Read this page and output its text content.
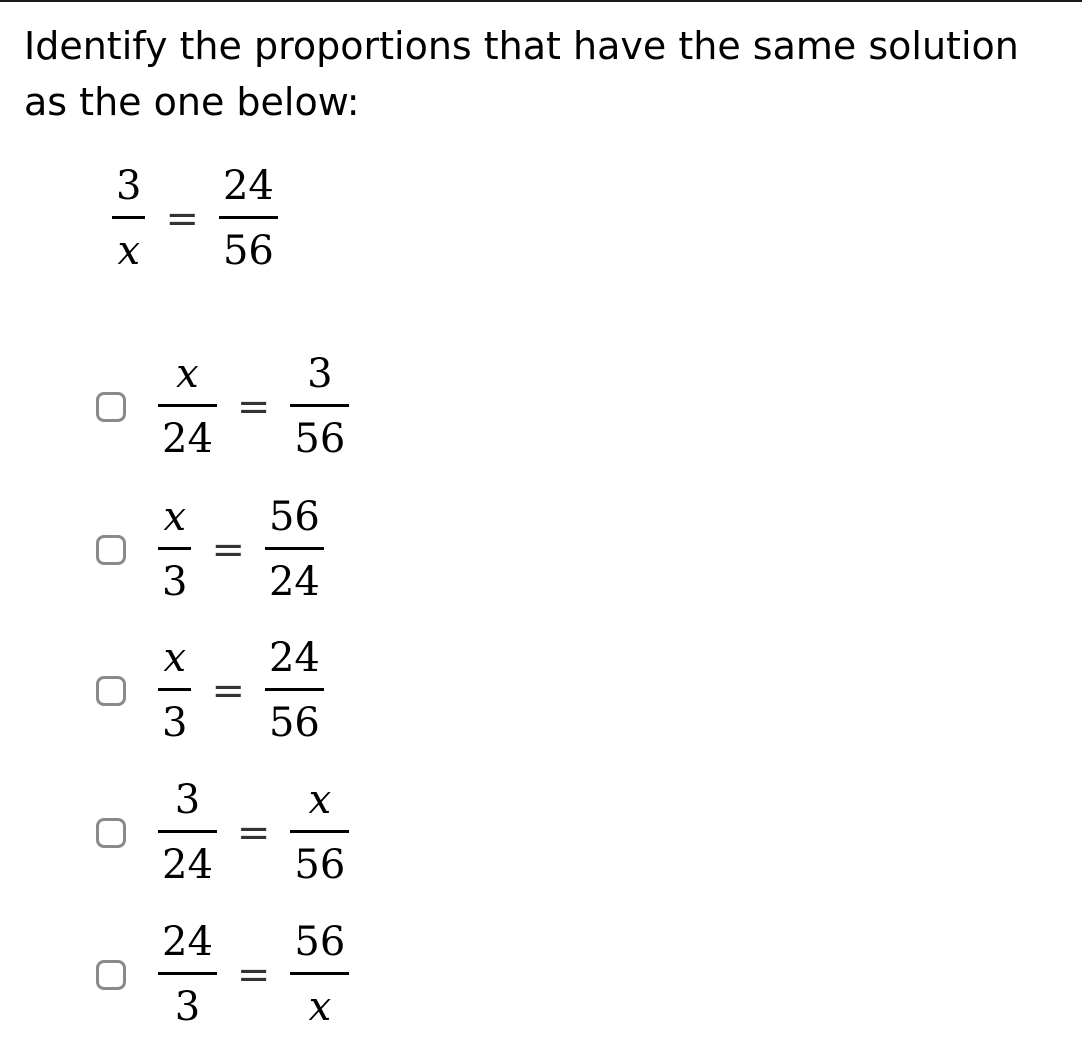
Identify the proportions that have the same solution as the one below:

$\frac{3}{x} = \frac{24}{56}$
$\frac{x}{24} = \frac{3}{56}$
$\frac{x}{3} = \frac{56}{24}$
$\frac{x}{3} = \frac{24}{56}$
$\frac{3}{24} = \frac{x}{56}$
$\frac{24}{3} = \frac{56}{x}$
